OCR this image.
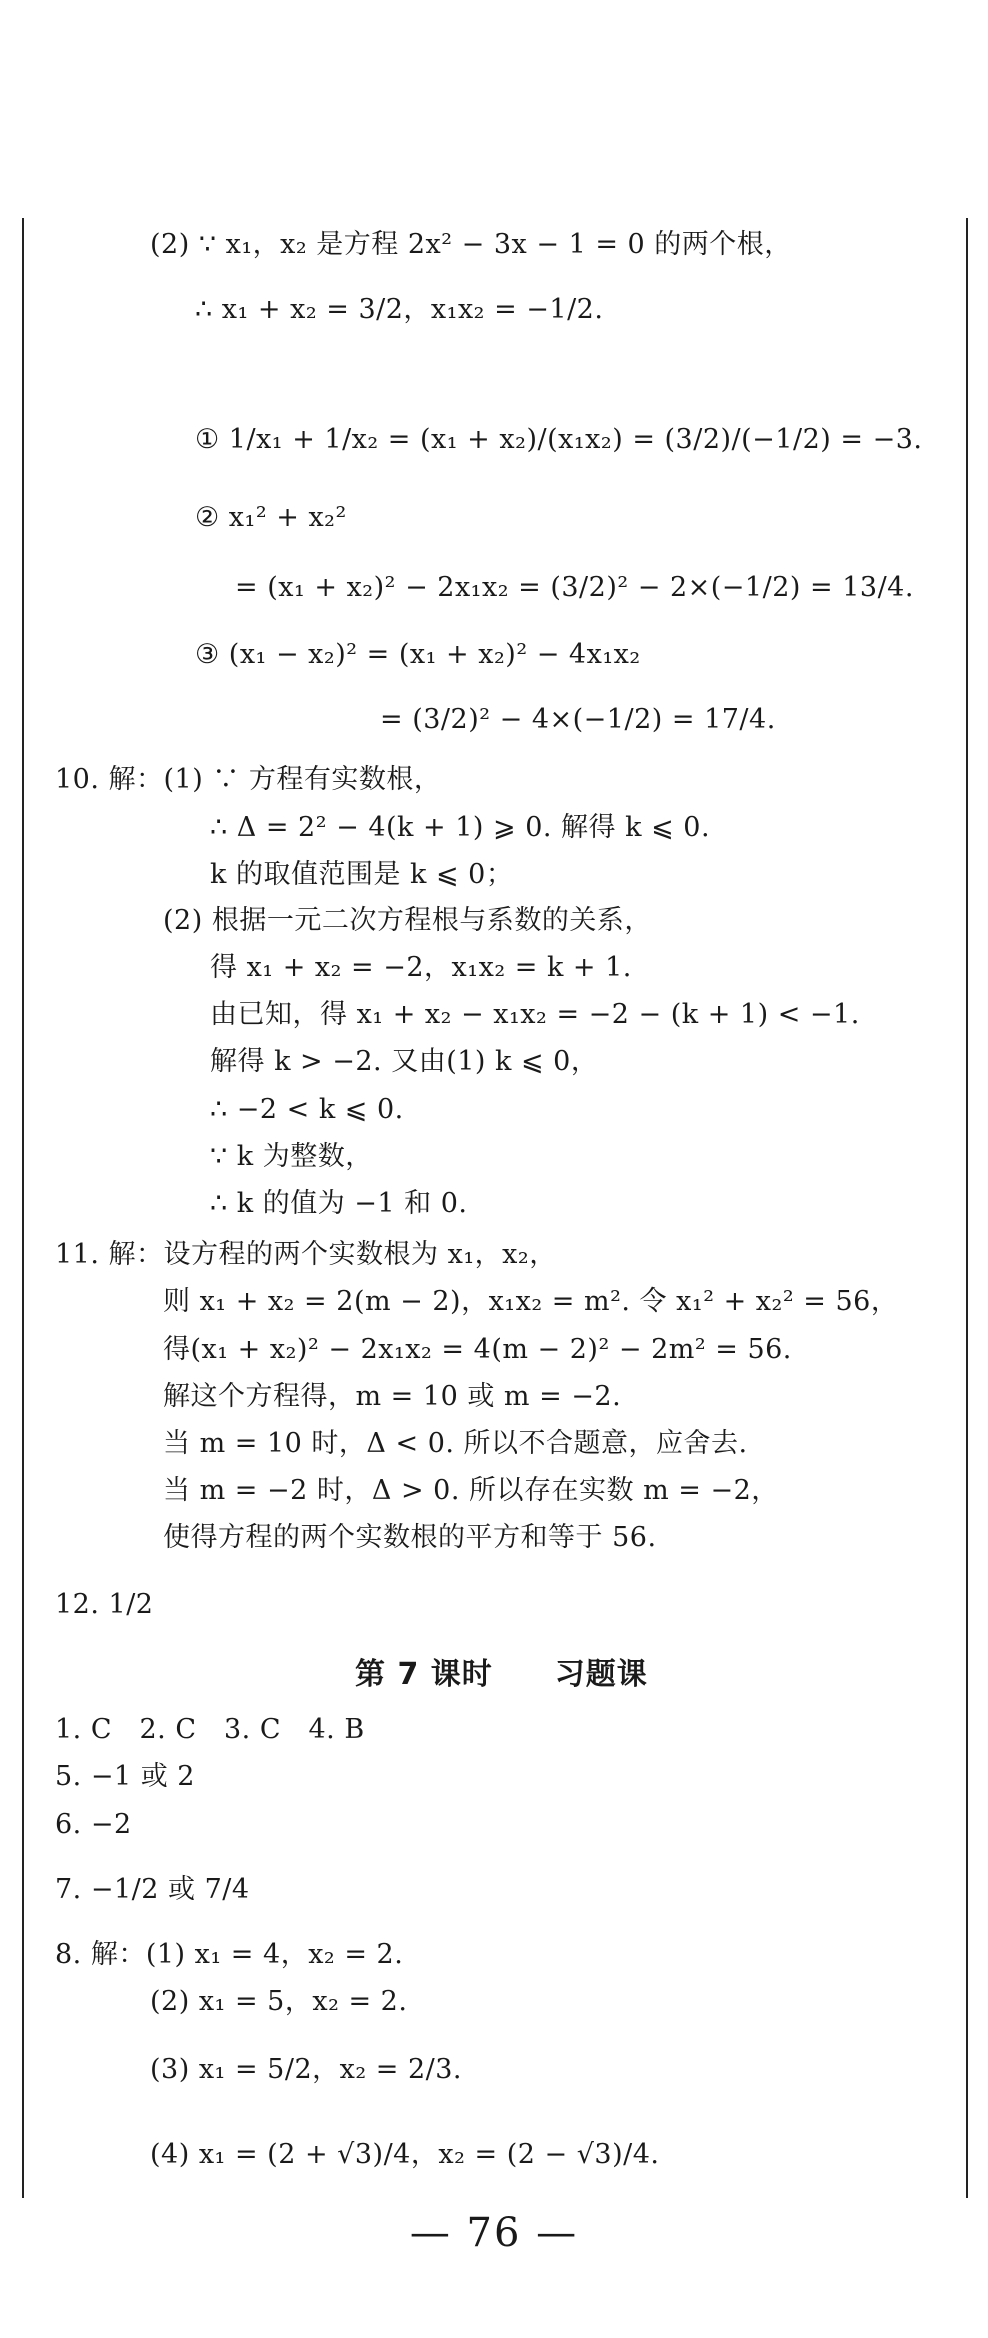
(2) ∵ x₁，x₂ 是方程 2x² − 3x − 1 = 0 的两个根，
∴ x₁ + x₂ = 3/2，x₁x₂ = −1/2.
① 1/x₁ + 1/x₂ = (x₁ + x₂)/(x₁x₂) = (3/2)/(−1/2) = −3.
② x₁² + x₂²
= (x₁ + x₂)² − 2x₁x₂ = (3/2)² − 2×(−1/2) = 13/4.
③ (x₁ − x₂)² = (x₁ + x₂)² − 4x₁x₂
= (3/2)² − 4×(−1/2) = 17/4.
10. 解：(1) ∵ 方程有实数根，
∴ Δ = 2² − 4(k + 1) ⩾ 0. 解得 k ⩽ 0.
k 的取值范围是 k ⩽ 0；
(2) 根据一元二次方程根与系数的关系，
得 x₁ + x₂ = −2，x₁x₂ = k + 1.
由已知，得 x₁ + x₂ − x₁x₂ = −2 − (k + 1) < −1.
解得 k > −2. 又由(1) k ⩽ 0，
∴ −2 < k ⩽ 0.
∵ k 为整数，
∴ k 的值为 −1 和 0.
11. 解：设方程的两个实数根为 x₁，x₂，
则 x₁ + x₂ = 2(m − 2)，x₁x₂ = m². 令 x₁² + x₂² = 56，
得(x₁ + x₂)² − 2x₁x₂ = 4(m − 2)² − 2m² = 56.
解这个方程得，m = 10 或 m = −2.
当 m = 10 时，Δ < 0. 所以不合题意，应舍去.
当 m = −2 时，Δ > 0. 所以存在实数 m = −2，
使得方程的两个实数根的平方和等于 56.
12. 1/2
第 7 课时　　习题课
1. C　2. C　3. C　4. B
5. −1 或 2
6. −2
7. −1/2 或 7/4
8. 解：(1) x₁ = 4，x₂ = 2.
(2) x₁ = 5，x₂ = 2.
(3) x₁ = 5/2，x₂ = 2/3.
(4) x₁ = (2 + √3)/4，x₂ = (2 − √3)/4.
— 76 —
